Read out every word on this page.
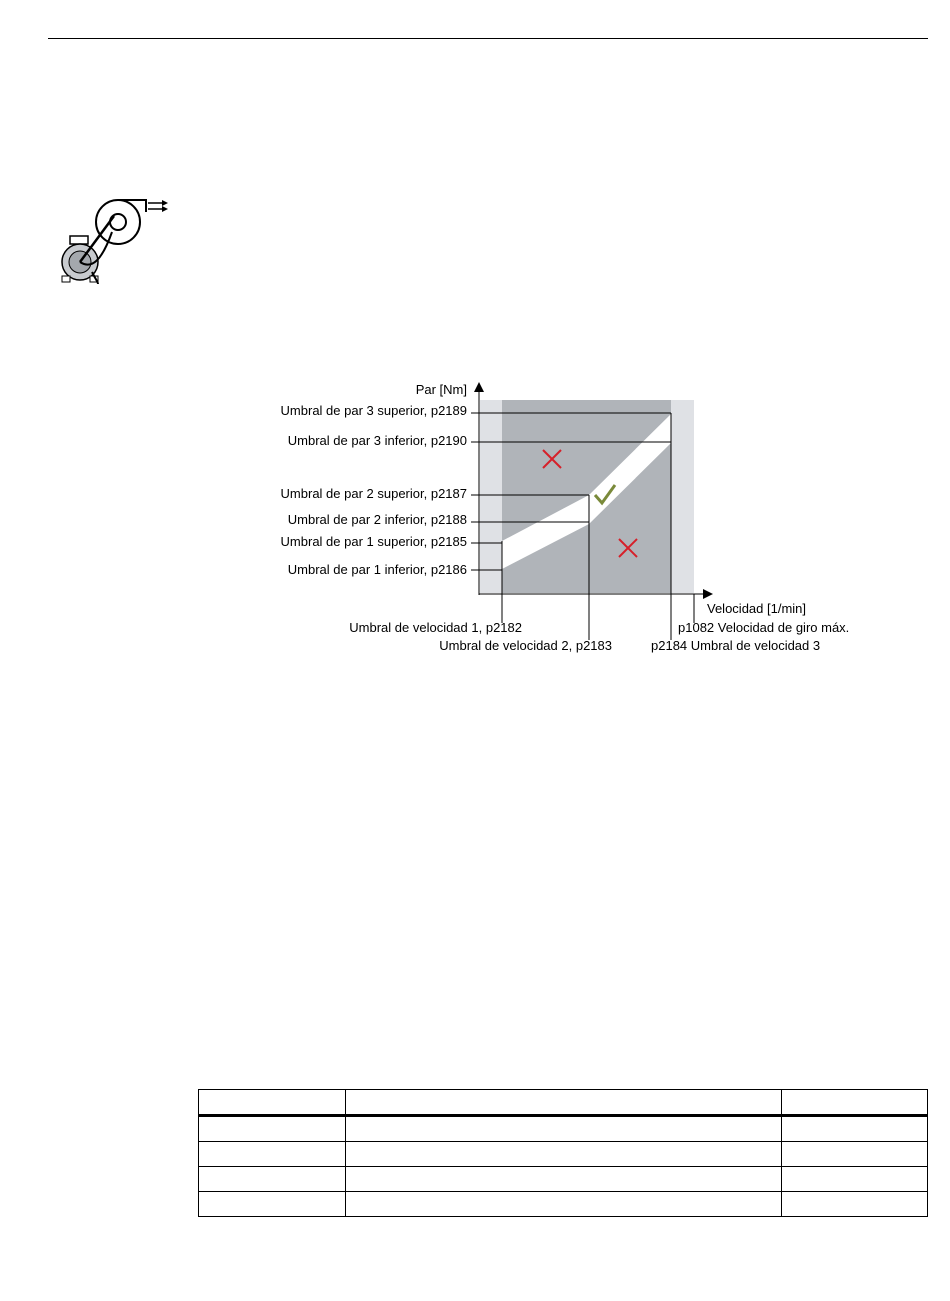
Par [Nm]
Velocidad [1/min]
Umbral de par 3 superior, p2189
Umbral de par 3 inferior, p2190
Umbral de par 2 superior, p2187
Umbral de par 2 inferior, p2188
Umbral de par 1 superior, p2185
Umbral de par 1 inferior, p2186
Umbral de velocidad 1, p2182
Umbral de velocidad 2, p2183
p1082 Velocidad de giro máx.
p2184 Umbral de velocidad 3
